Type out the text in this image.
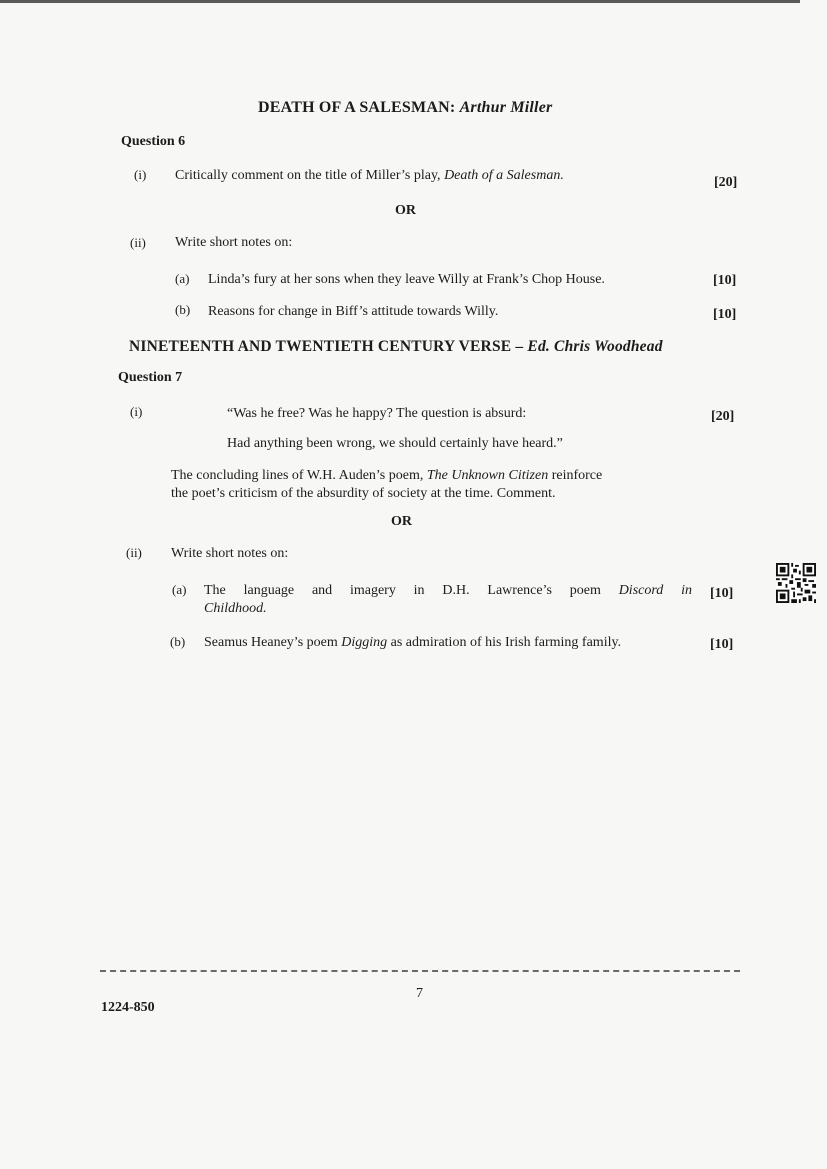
DEATH OF A SALESMAN: Arthur Miller
Question 6
(i) Critically comment on the title of Miller’s play, Death of a Salesman.	[20]
OR
(ii) Write short notes on:
(a) Linda’s fury at her sons when they leave Willy at Frank’s Chop House.	[10]
(b) Reasons for change in Biff’s attitude towards Willy.	[10]
NINETEENTH AND TWENTIETH CENTURY VERSE – Ed. Chris Woodhead
Question 7
(i)	“Was he free? Was he happy? The question is absurd:	[20]
Had anything been wrong, we should certainly have heard.”
The concluding lines of W.H. Auden’s poem, The Unknown Citizen reinforce
the poet’s criticism of the absurdity of society at the time. Comment.
OR
(ii) Write short notes on:
(a) The language and imagery in D.H. Lawrence’s poem Discord in
Childhood.
[10]
(b) Seamus Heaney’s poem Digging as admiration of his Irish farming family.	[10]
7
1224-850
